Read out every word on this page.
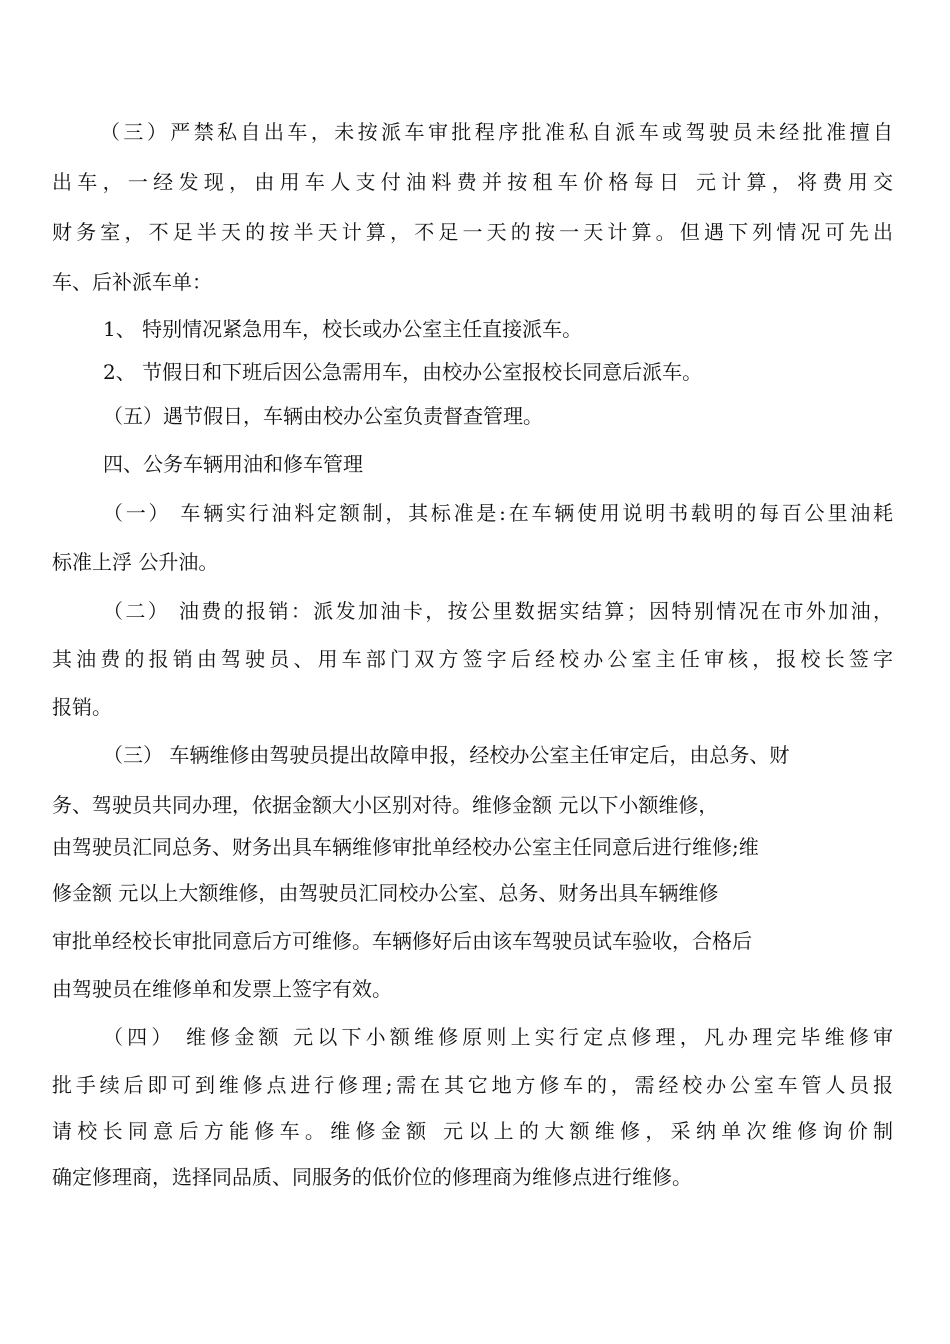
（三）严禁私自出车，未按派车审批程序批准私自派车或驾驶员未经批准擅自
出车，一经发现，由用车人支付油料费并按租车价格每日 元计算，将费用交
财务室，不足半天的按半天计算，不足一天的按一天计算。但遇下列情况可先出
车、后补派车单：
1、 特别情况紧急用车，校长或办公室主任直接派车。
2、 节假日和下班后因公急需用车，由校办公室报校长同意后派车。
（五）遇节假日，车辆由校办公室负责督查管理。
四、公务车辆用油和修车管理
（一） 车辆实行油料定额制，其标准是:在车辆使用说明书载明的每百公里油耗
标准上浮 公升油。
（二） 油费的报销：派发加油卡，按公里数据实结算；因特别情况在市外加油，
其油费的报销由驾驶员、用车部门双方签字后经校办公室主任审核，报校长签字
报销。
（三） 车辆维修由驾驶员提出故障申报，经校办公室主任审定后，由总务、财
务、驾驶员共同办理，依据金额大小区别对待。维修金额 元以下小额维修，
由驾驶员汇同总务、财务出具车辆维修审批单经校办公室主任同意后进行维修;维
修金额 元以上大额维修，由驾驶员汇同校办公室、总务、财务出具车辆维修
审批单经校长审批同意后方可维修。车辆修好后由该车驾驶员试车验收，合格后
由驾驶员在维修单和发票上签字有效。
（四） 维修金额 元以下小额维修原则上实行定点修理，凡办理完毕维修审
批手续后即可到维修点进行修理;需在其它地方修车的，需经校办公室车管人员报
请校长同意后方能修车。维修金额 元以上的大额维修，采纳单次维修询价制
确定修理商，选择同品质、同服务的低价位的修理商为维修点进行维修。
